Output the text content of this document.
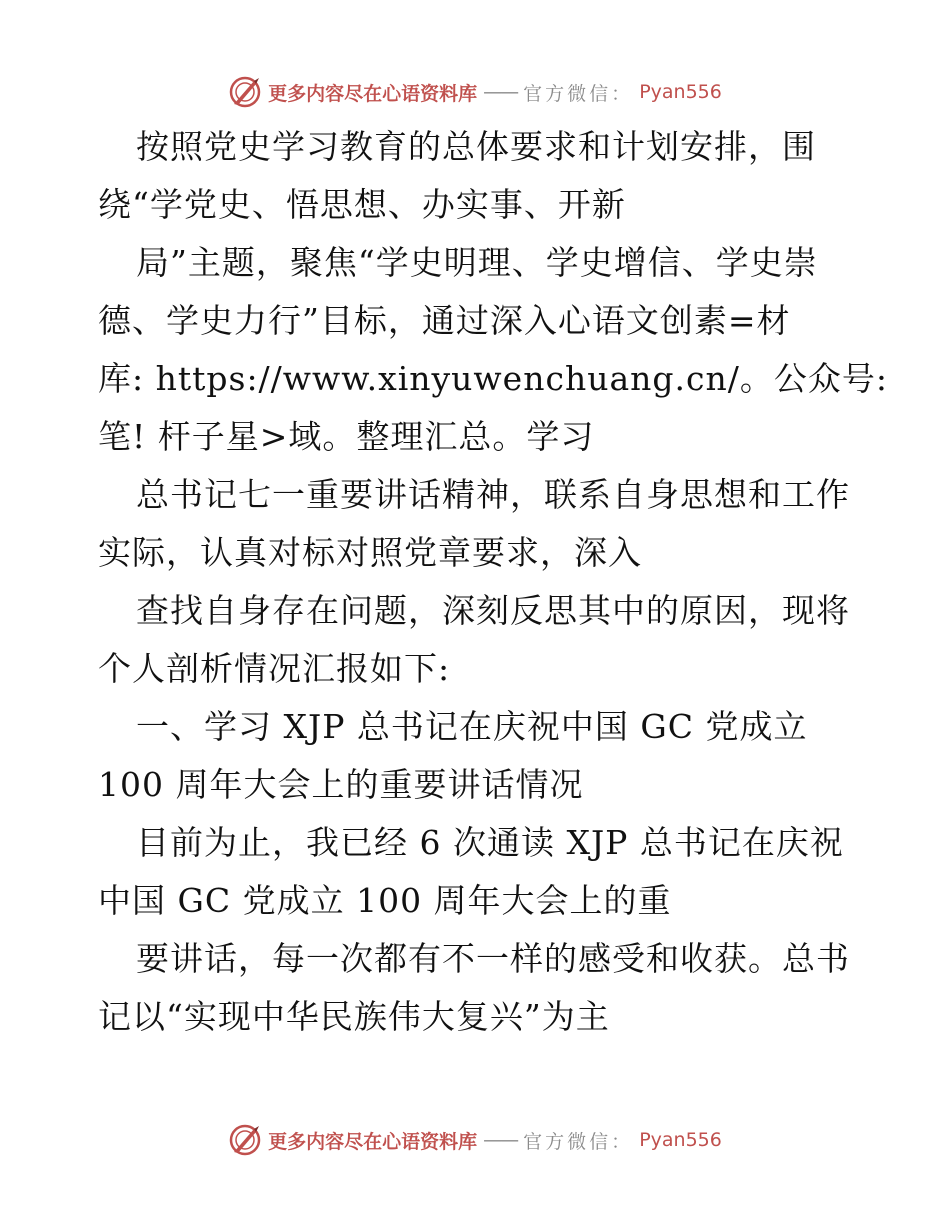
更多内容尽在心语资料库 —— 官方微信： Pyan556
按照党史学习教育的总体要求和计划安排，围
绕“学党史、悟思想、办实事、开新
局”主题，聚焦“学史明理、学史增信、学史崇
德、学史力行”目标，通过深入心语文创素=材
库: https://www.xinyuwenchuang.cn/。公众号:
笔! 杆子星>域。整理汇总。学习
总书记七一重要讲话精神，联系自身思想和工作
实际，认真对标对照党章要求，深入
查找自身存在问题，深刻反思其中的原因，现将
个人剖析情况汇报如下:
一、学习 XJP 总书记在庆祝中国 GC 党成立
100 周年大会上的重要讲话情况
目前为止，我已经 6 次通读 XJP 总书记在庆祝
中国 GC 党成立 100 周年大会上的重
要讲话，每一次都有不一样的感受和收获。总书
记以“实现中华民族伟大复兴”为主
更多内容尽在心语资料库 —— 官方微信： Pyan556
